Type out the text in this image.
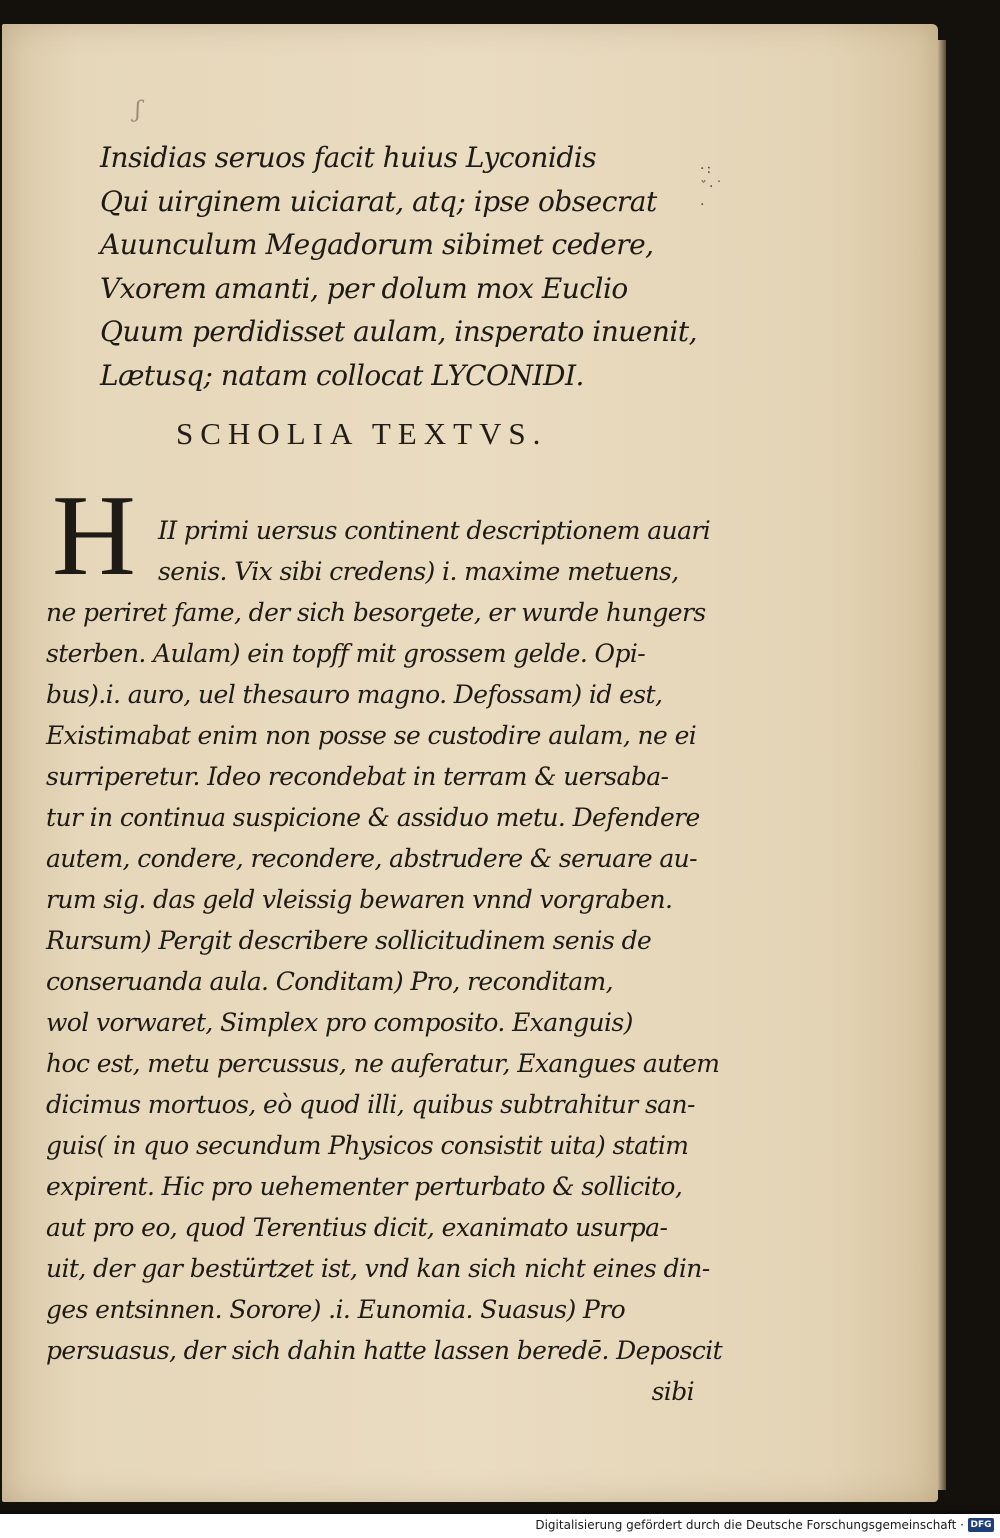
ʃ
·:
ˇ·˙
·
Insidias seruos facit huius Lyconidis
Qui uirginem uiciarat, atq; ipse obsecrat
Auunculum Megadorum sibimet cedere,
Vxorem amanti, per dolum mox Euclio
Quum perdidisset aulam, insperato inuenit,
Lætusq; natam collocat LYCONIDI.
SCHOLIA TEXTVS.
H II primi uersus continent descriptionem auari
senis. Vix sibi credens) i. maxime metuens,
ne periret fame, der sich besorgete, er wurde hungers
sterben. Aulam) ein topff mit grossem gelde. Opi-
bus).i. auro, uel thesauro magno. Defossam) id est,
Existimabat enim non posse se custodire aulam, ne ei
surriperetur. Ideo recondebat in terram & uersaba-
tur in continua suspicione & assiduo metu. Defendere
autem, condere, recondere, abstrudere & seruare au-
rum sig. das geld vleissig bewaren vnnd vorgraben.
Rursum) Pergit describere sollicitudinem senis de
conseruanda aula. Conditam) Pro, reconditam,
wol vorwaret, Simplex pro composito. Exanguis)
hoc est, metu percussus, ne auferatur, Exangues autem
dicimus mortuos, eò quod illi, quibus subtrahitur san-
guis( in quo secundum Physicos consistit uita) statim
expirent. Hic pro uehementer perturbato & sollicito,
aut pro eo, quod Terentius dicit, exanimato usurpa-
uit, der gar bestürtzet ist, vnd kan sich nicht eines din-
ges entsinnen. Sorore) .i. Eunomia. Suasus) Pro
persuasus, der sich dahin hatte lassen beredē. Deposcit
sibi
Digitalisierung gefördert durch die Deutsche Forschungsgemeinschaft · DFG
